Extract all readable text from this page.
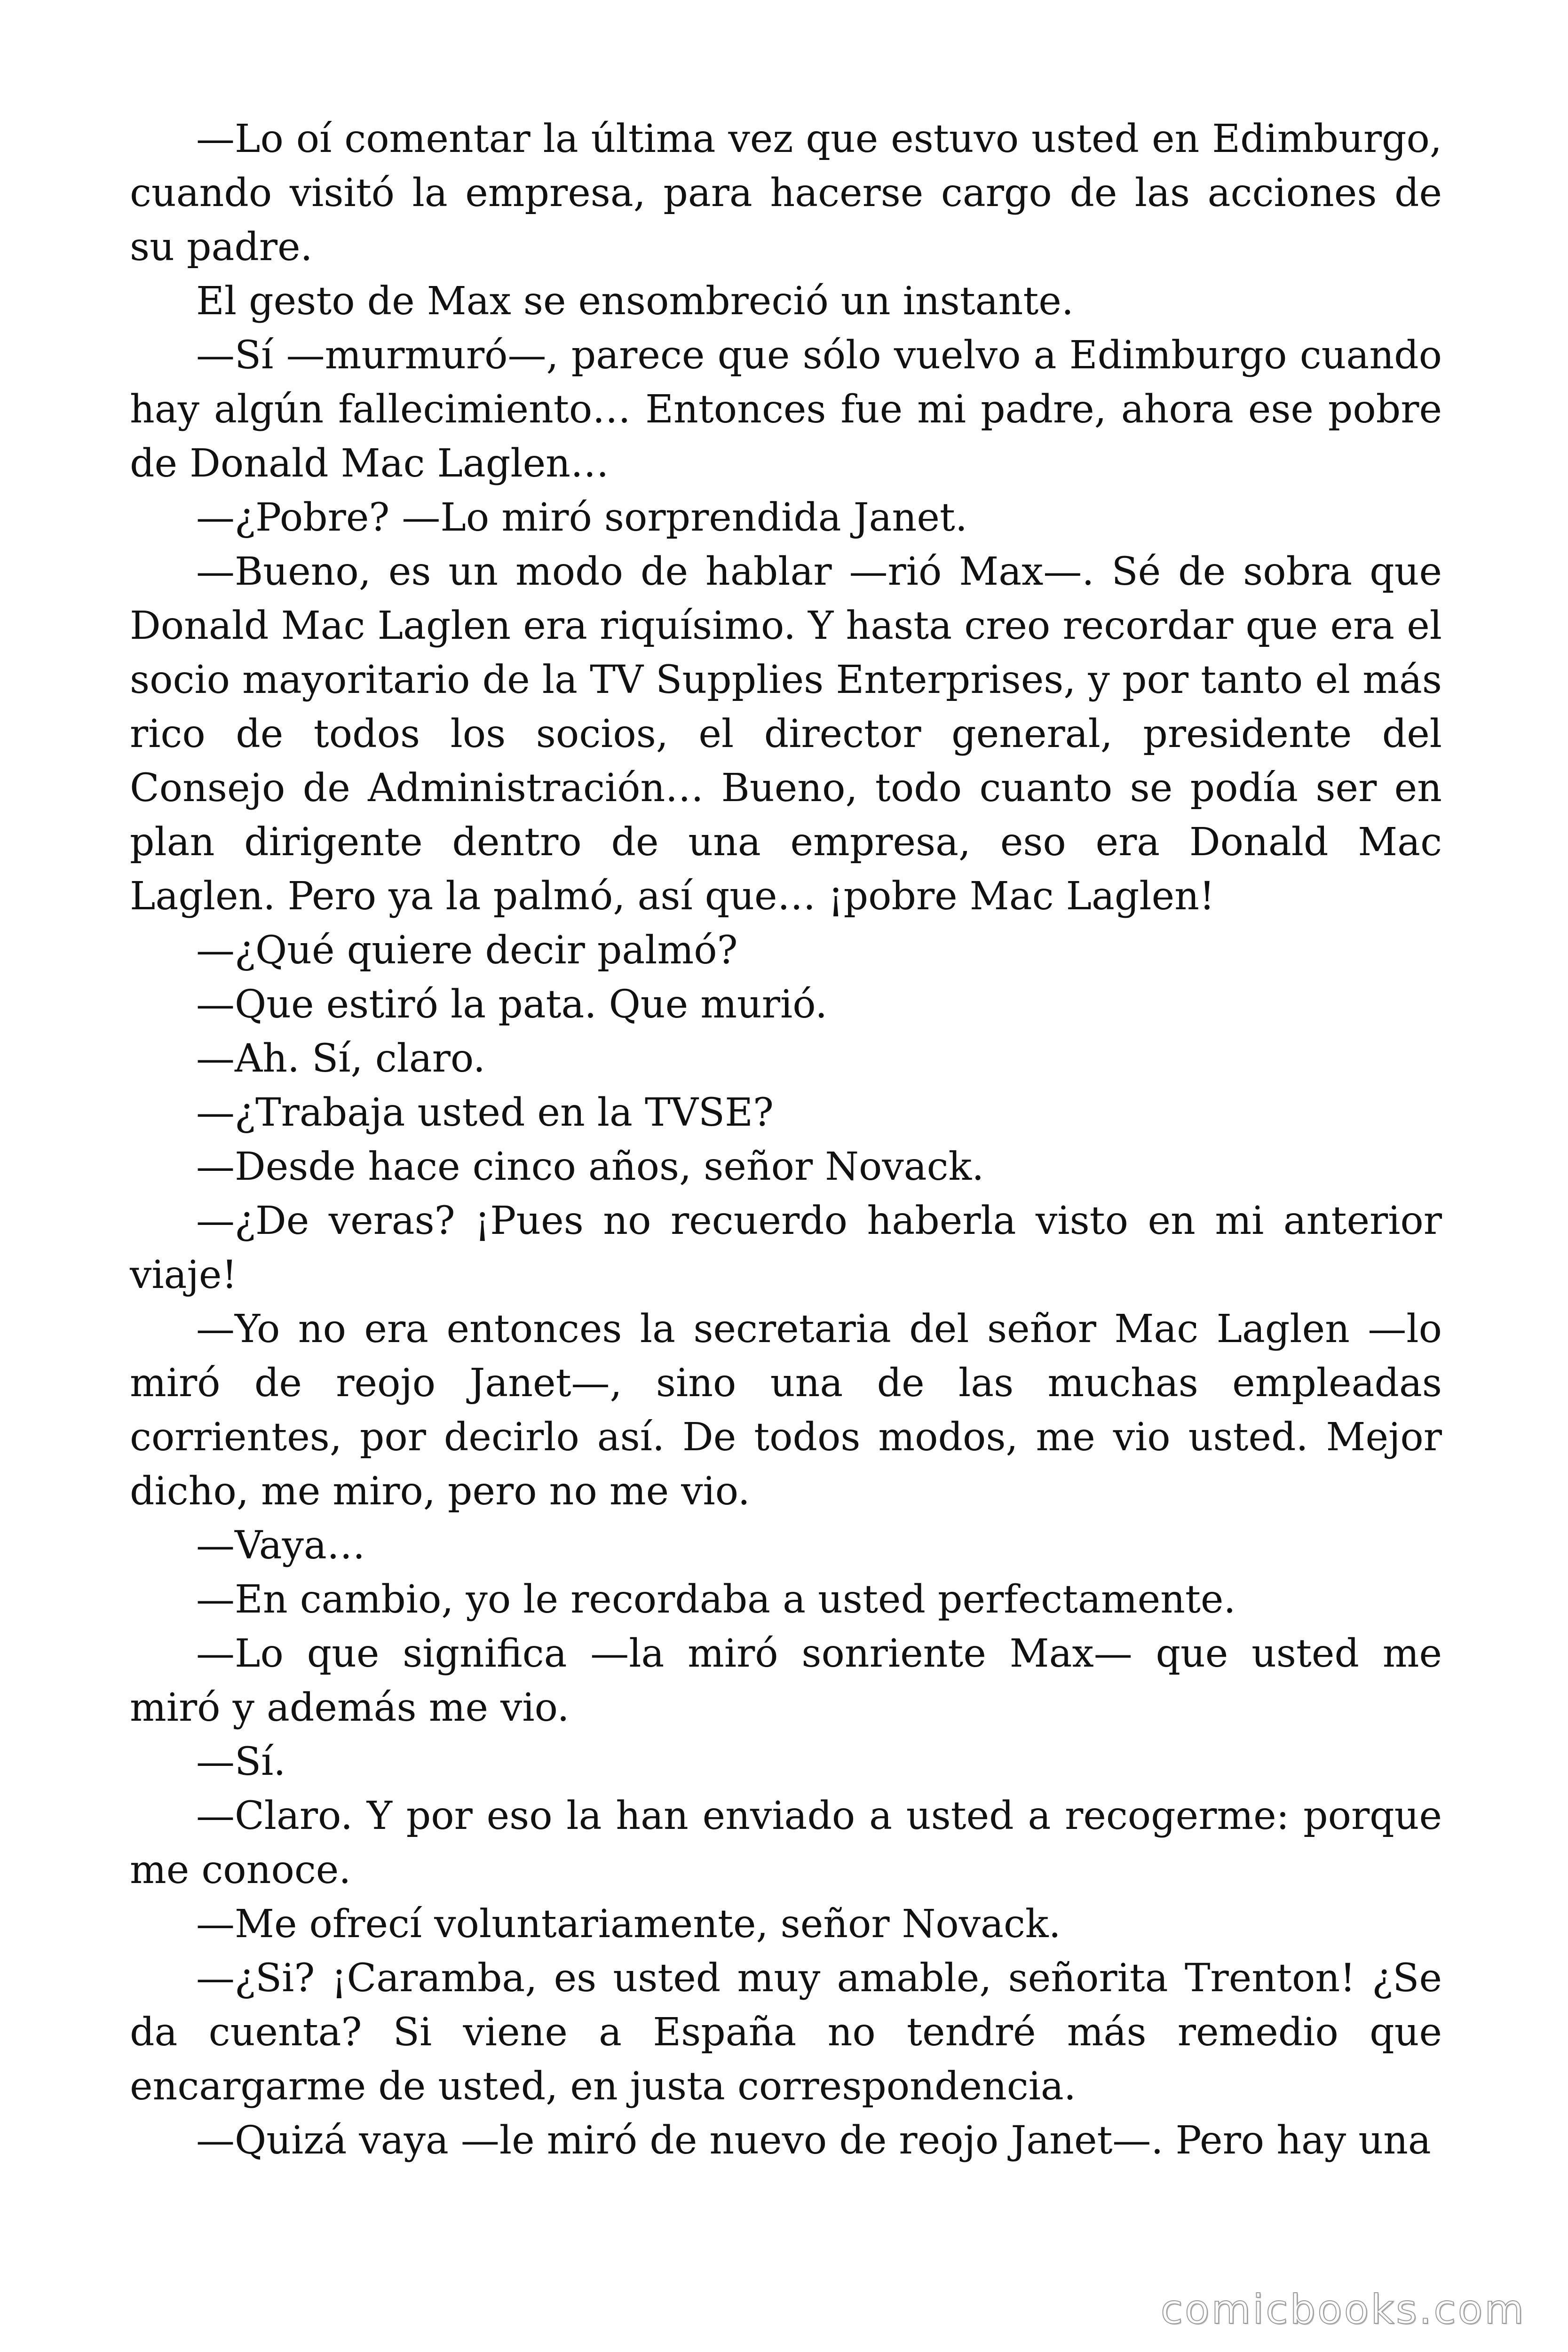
—Lo oí comentar la última vez que estuvo usted en Edimburgo, cuando visitó la empresa, para hacerse cargo de las acciones de su padre.

El gesto de Max se ensombreció un instante.

—Sí —murmuró—, parece que sólo vuelvo a Edimburgo cuando hay algún fallecimiento… Entonces fue mi padre, ahora ese pobre de Donald Mac Laglen…

—¿Pobre? —Lo miró sorprendida Janet.

—Bueno, es un modo de hablar —rió Max—. Sé de sobra que Donald Mac Laglen era riquísimo. Y hasta creo recordar que era el socio mayoritario de la TV Supplies Enterprises, y por tanto el más rico de todos los socios, el director general, presidente del Consejo de Administración… Bueno, todo cuanto se podía ser en plan dirigente dentro de una empresa, eso era Donald Mac Laglen. Pero ya la palmó, así que… ¡pobre Mac Laglen!

—¿Qué quiere decir palmó?

—Que estiró la pata. Que murió.

—Ah. Sí, claro.

—¿Trabaja usted en la TVSE?

—Desde hace cinco años, señor Novack.

—¿De veras? ¡Pues no recuerdo haberla visto en mi anterior viaje!

—Yo no era entonces la secretaria del señor Mac Laglen —lo miró de reojo Janet—, sino una de las muchas empleadas corrientes, por decirlo así. De todos modos, me vio usted. Mejor dicho, me miro, pero no me vio.

—Vaya…

—En cambio, yo le recordaba a usted perfectamente.

—Lo que significa —la miró sonriente Max— que usted me miró y además me vio.

—Sí.

—Claro. Y por eso la han enviado a usted a recogerme: porque me conoce.

—Me ofrecí voluntariamente, señor Novack.

—¿Si? ¡Caramba, es usted muy amable, señorita Trenton! ¿Se da cuenta? Si viene a España no tendré más remedio que encargarme de usted, en justa correspondencia.

—Quizá vaya —le miró de nuevo de reojo Janet—. Pero hay una

comicbooks.com
